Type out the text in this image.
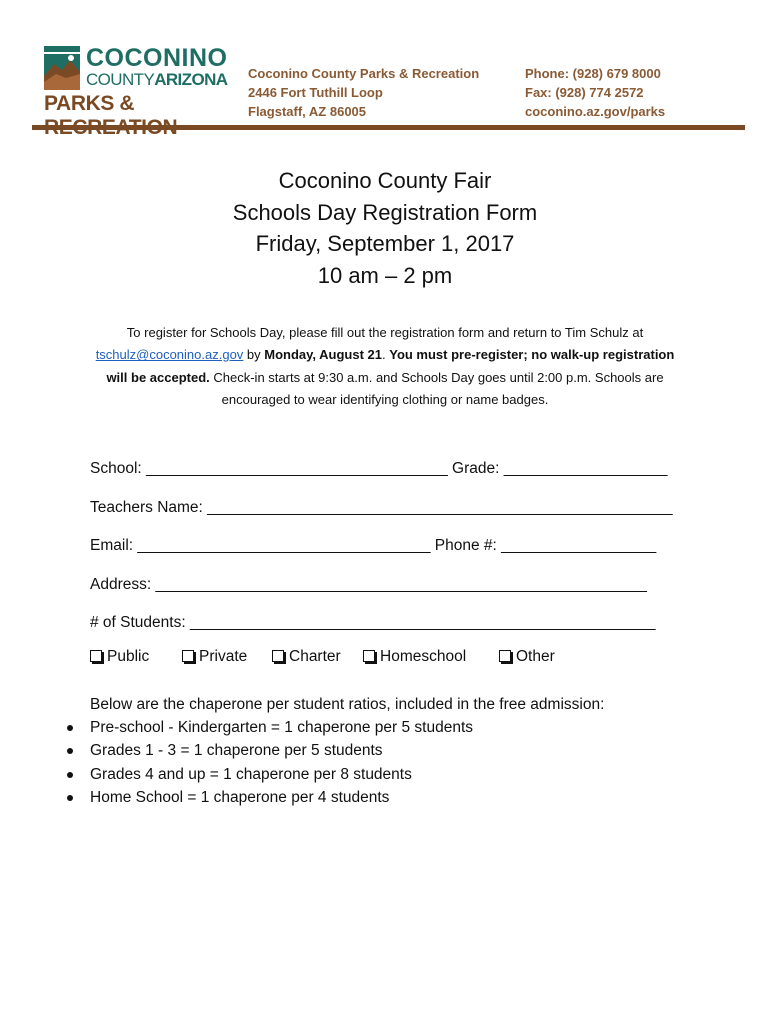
COCONINO
COUNTYARIZONA
PARKS &
Coconino County Parks & Recreation
2446 Fort Tuthill Loop
Flagstaff, AZ 86005
Phone: (928) 679 8000
Fax: (928) 774 2572
coconino.az.gov/parks
Coconino County Fair
Schools Day Registration Form
Friday, September 1, 2017
10 am – 2 pm
To register for Schools Day, please fill out the registration form and return to Tim Schulz at tschulz@coconino.az.gov by Monday, August 21. You must pre-register; no walk-up registration will be accepted. Check-in starts at 9:30 a.m. and Schools Day goes until 2:00 p.m. Schools are encouraged to wear identifying clothing or name badges.
School: ___________________________________ Grade: ___________________
Teachers Name: ______________________________________________________
Email: __________________________________ Phone #: __________________
Address: _________________________________________________________
# of Students: ______________________________________________________
Public	Private	Charter	Homeschool	Other
Below are the chaperone per student ratios, included in the free admission:
Pre-school - Kindergarten = 1 chaperone per 5 students
Grades 1 - 3 = 1 chaperone per 5 students
Grades 4 and up = 1 chaperone per 8 students
Home School = 1 chaperone per 4 students
